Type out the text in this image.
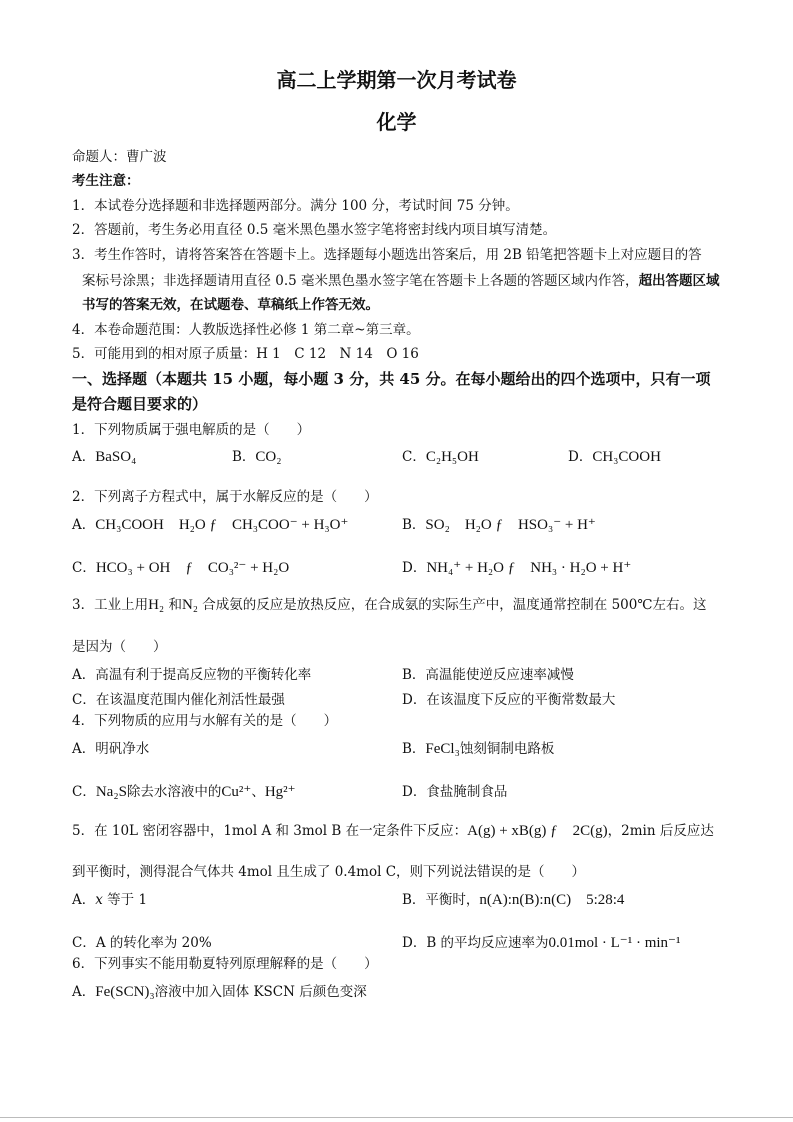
高二上学期第一次月考试卷
化学
命题人：曹广波
考生注意：
1．本试卷分选择题和非选择题两部分。满分 100 分，考试时间 75 分钟。
2．答题前，考生务必用直径 0.5 毫米黑色墨水签字笔将密封线内项目填写清楚。
3．考生作答时，请将答案答在答题卡上。选择题每小题选出答案后，用 2B 铅笔把答题卡上对应题目的答
案标号涂黑；非选择题请用直径 0.5 毫米黑色墨水签字笔在答题卡上各题的答题区域内作答，超出答题区域
书写的答案无效，在试题卷、草稿纸上作答无效。
4．本卷命题范围：人教版选择性必修 1 第二章~第三章。
5．可能用到的相对原子质量：H 1　C 12　N 14　O 16
一、选择题（本题共 15 小题，每小题 3 分，共 45 分。在每小题给出的四个选项中，只有一项
是符合题目要求的）
1．下列物质属于强电解质的是（　　）
A．BaSO₄	B．CO₂	C．C₂H₅OH	D．CH₃COOH
2．下列离子方程式中，属于水解反应的是（　　）
A．CH₃COOH　H₂O ƒ　CH₃COO⁻ + H₃O⁺	B．SO₂　H₂O ƒ　HSO₃⁻ + H⁺
C．HCO₃ + OH　ƒ　CO₃²⁻ + H₂O	D．NH₄⁺ + H₂O ƒ　NH₃ · H₂O + H⁺
3．工业上用H₂ 和N₂ 合成氨的反应是放热反应，在合成氨的实际生产中，温度通常控制在 500℃左右。这
是因为（　　）
A．高温有利于提高反应物的平衡转化率	B．高温能使逆反应速率减慢
C．在该温度范围内催化剂活性最强	D．在该温度下反应的平衡常数最大
4．下列物质的应用与水解有关的是（　　）
A．明矾净水	B．FeCl₃蚀刻铜制电路板
C．Na₂S除去水溶液中的Cu²⁺、Hg²⁺	D．食盐腌制食品
5．在 10L 密闭容器中，1mol A 和 3mol B 在一定条件下反应：A(g) + xB(g) ƒ　2C(g)，2min 后反应达
到平衡时，测得混合气体共 4mol 且生成了 0.4mol C，则下列说法错误的是（　　）
A．x 等于 1	B．平衡时，n(A):n(B):n(C)　5:28:4
C．A 的转化率为 20%	D．B 的平均反应速率为0.01mol · L⁻¹ · min⁻¹
6．下列事实不能用勒夏特列原理解释的是（　　）
A．Fe(SCN)₃溶液中加入固体 KSCN 后颜色变深
